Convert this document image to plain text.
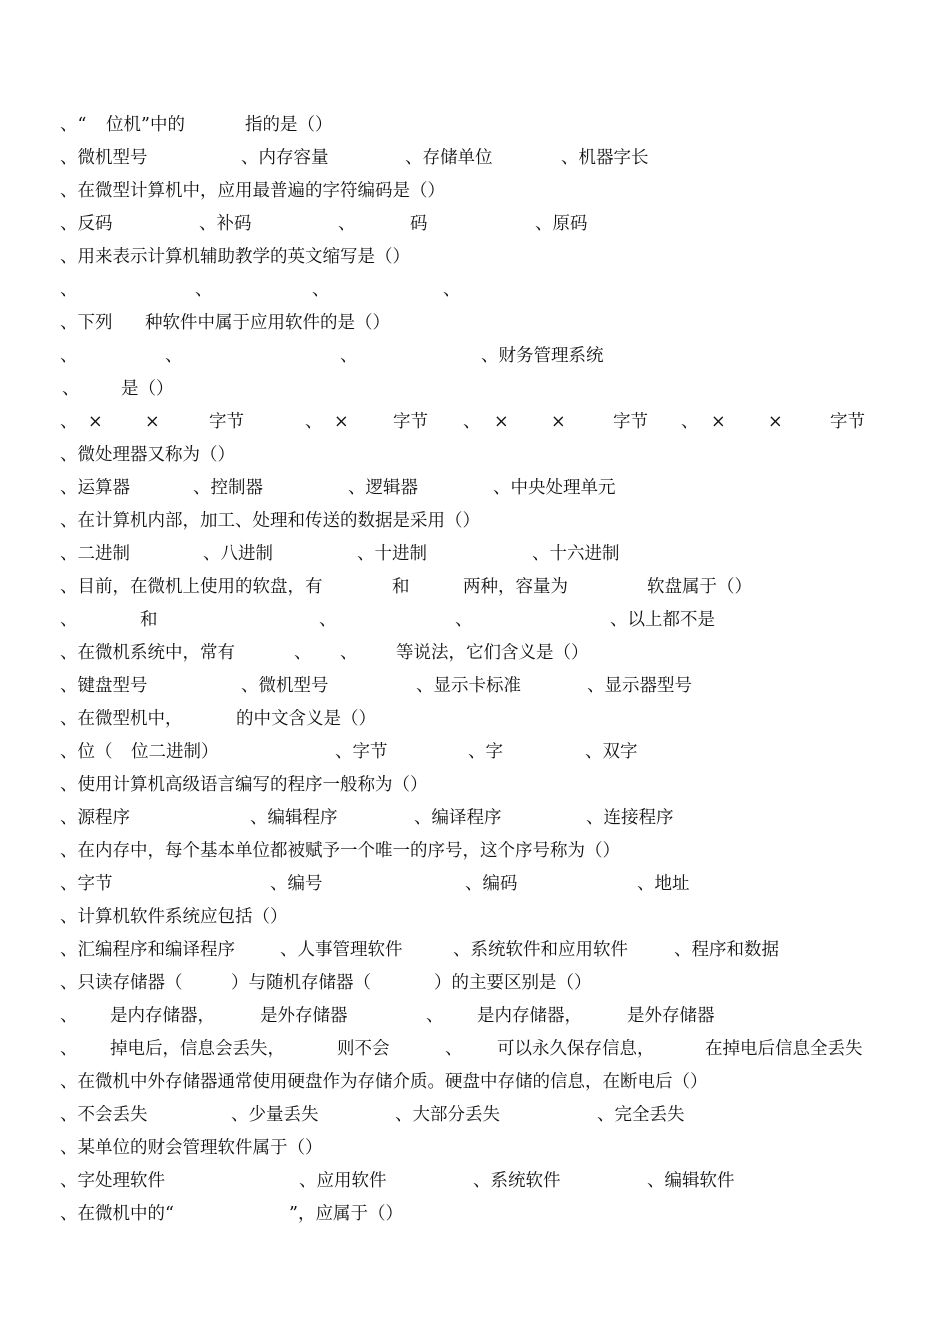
、“ 位机”中的	指的是（）
、微机型号	、内存容量	、存储单位	、机器字长
、在微型计算机中，应用最普遍的字符编码是（）
、反码	、补码	、	码	、原码
、用来表示计算机辅助教学的英文缩写是（）
、	、	、	、
、下列 种软件中属于应用软件的是（）
、	、	、	、财务管理系统
、 是（）
、 × ×	字节	、 ×	字节 、 × ×	字节 、 × ×	字节
、微处理器又称为（）
、运算器	、控制器	、逻辑器	、中央处理单元
、在计算机内部，加工、处理和传送的数据是采用（）
、二进制	、八进制	、十进制	、十六进制
、目前，在微机上使用的软盘，有	和	两种，容量为	软盘属于（）
、	和	、	、	、以上都不是
、在微机系统中，常有	、 、 等说法，它们含义是（）
、键盘型号	、微机型号	、显示卡标准	、显示器型号
、在微型机中，	的中文含义是（）
、位（ 位二进制）	、字节	、字	、双字
、使用计算机高级语言编写的程序一般称为（）
、源程序	、编辑程序	、编译程序	、连接程序
、在内存中，每个基本单位都被赋予一个唯一的序号，这个序号称为（）
、字节	、编号	、编码	、地址
、计算机软件系统应包括（）
、汇编程序和编译程序	、人事管理软件	、系统软件和应用软件	、程序和数据
、只读存储器（	）与随机存储器（	）的主要区别是（）
、 是内存储器，	是外存储器	、 是内存储器，	是外存储器
、 掉电后，信息会丢失，	则不会	、 可以永久保存信息，	在掉电后信息全丢失
、在微机中外存储器通常使用硬盘作为存储介质。硬盘中存储的信息，在断电后（）
、不会丢失	、少量丢失	、大部分丢失	、完全丢失
、某单位的财会管理软件属于（）
、字处理软件	、应用软件	、系统软件	、编辑软件
、在微机中的“	”，应属于（）
